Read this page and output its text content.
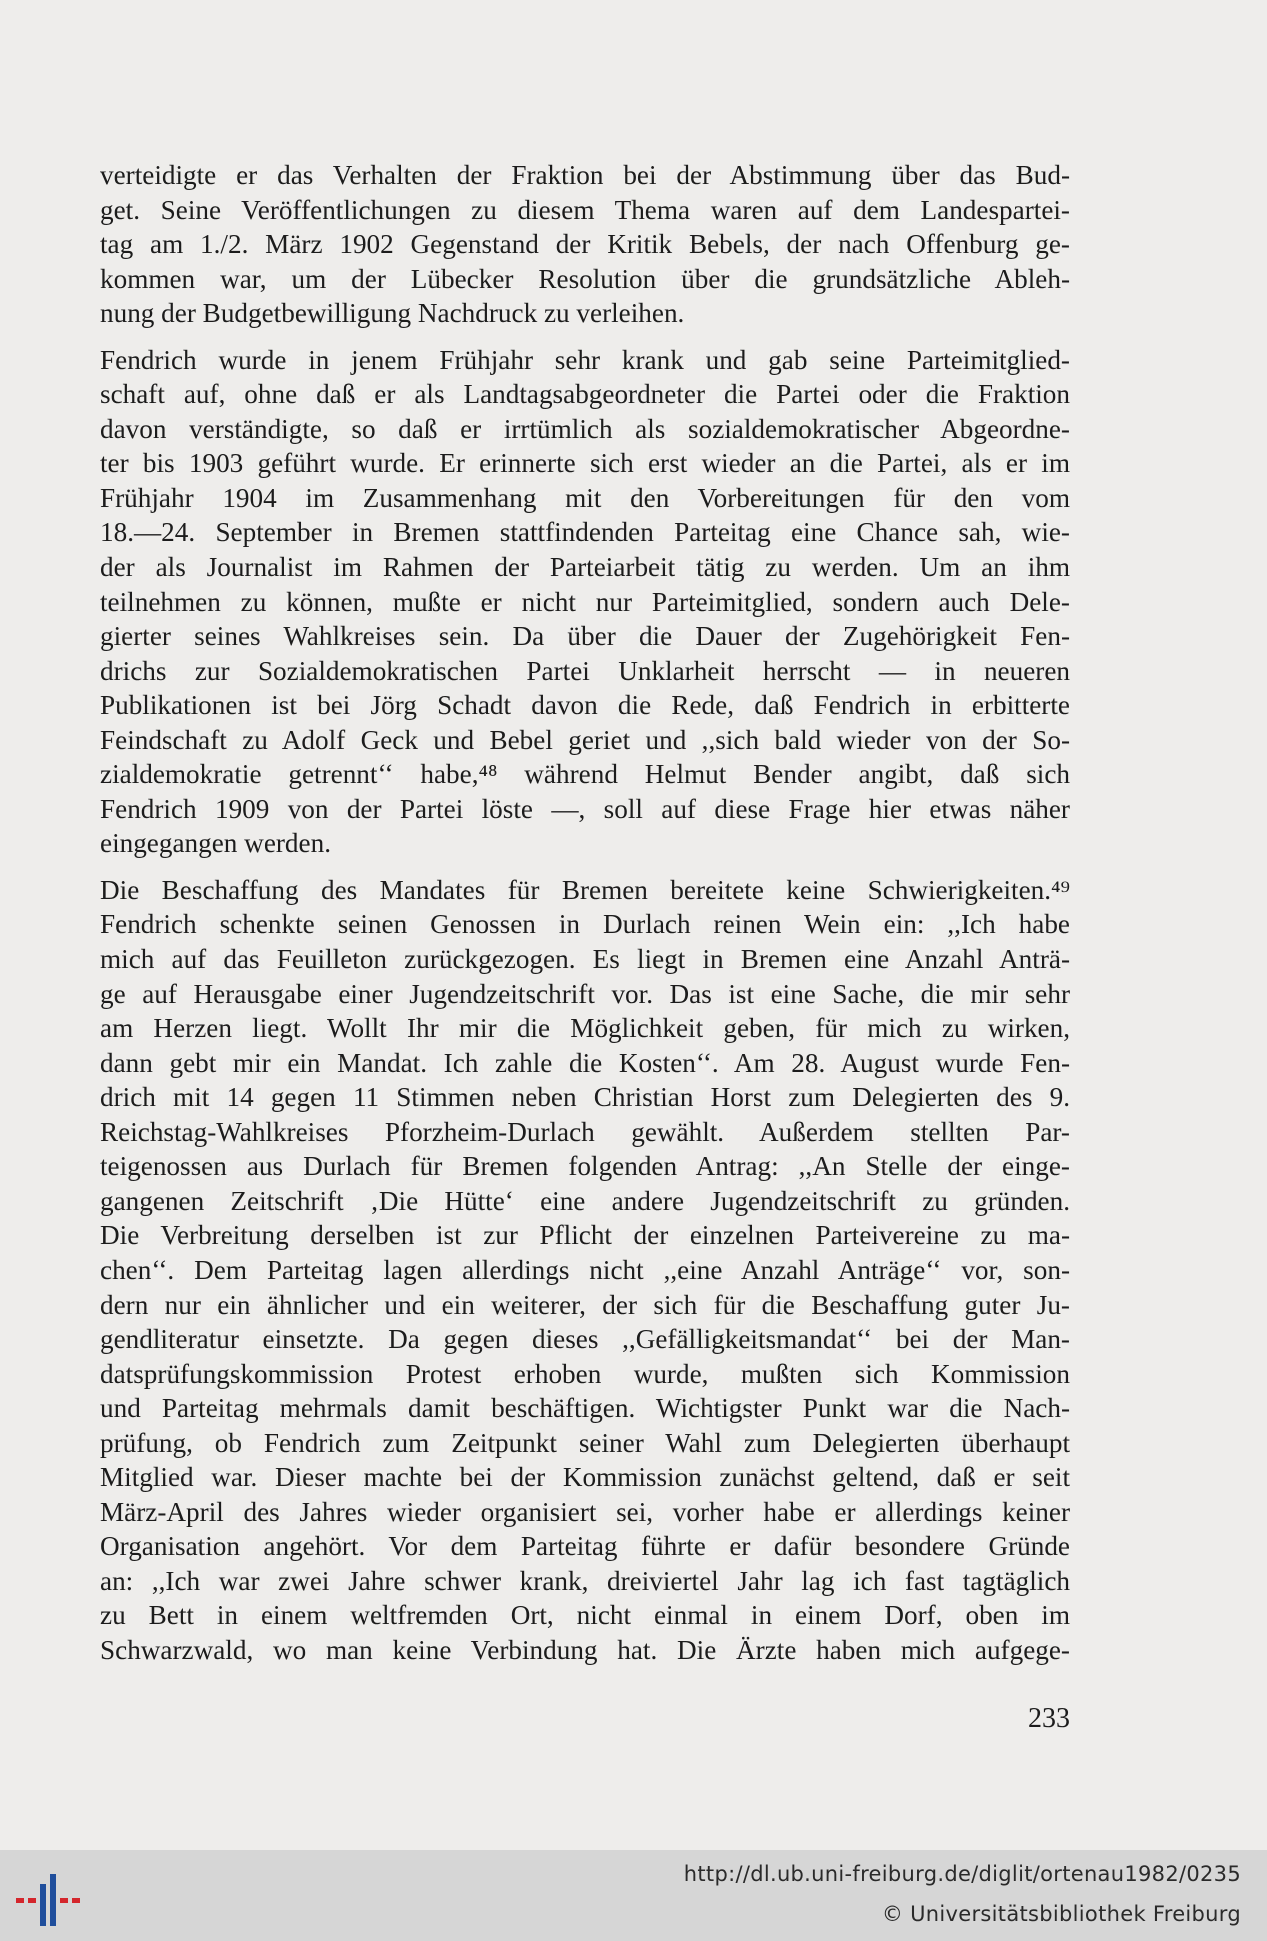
verteidigte er das Verhalten der Fraktion bei der Abstimmung über das Bud-
get. Seine Veröffentlichungen zu diesem Thema waren auf dem Landespartei-
tag am 1./2. März 1902 Gegenstand der Kritik Bebels, der nach Offenburg ge-
kommen war, um der Lübecker Resolution über die grundsätzliche Ableh-
nung der Budgetbewilligung Nachdruck zu verleihen.
Fendrich wurde in jenem Frühjahr sehr krank und gab seine Parteimitglied-
schaft auf, ohne daß er als Landtagsabgeordneter die Partei oder die Fraktion
davon verständigte, so daß er irrtümlich als sozialdemokratischer Abgeordne-
ter bis 1903 geführt wurde. Er erinnerte sich erst wieder an die Partei, als er im
Frühjahr 1904 im Zusammenhang mit den Vorbereitungen für den vom
18.—24. September in Bremen stattfindenden Parteitag eine Chance sah, wie-
der als Journalist im Rahmen der Parteiarbeit tätig zu werden. Um an ihm
teilnehmen zu können, mußte er nicht nur Parteimitglied, sondern auch Dele-
gierter seines Wahlkreises sein. Da über die Dauer der Zugehörigkeit Fen-
drichs zur Sozialdemokratischen Partei Unklarheit herrscht — in neueren
Publikationen ist bei Jörg Schadt davon die Rede, daß Fendrich in erbitterte
Feindschaft zu Adolf Geck und Bebel geriet und ,,sich bald wieder von der So-
zialdemokratie getrennt‘‘ habe,⁴⁸ während Helmut Bender angibt, daß sich
Fendrich 1909 von der Partei löste —, soll auf diese Frage hier etwas näher
eingegangen werden.
Die Beschaffung des Mandates für Bremen bereitete keine Schwierigkeiten.⁴⁹
Fendrich schenkte seinen Genossen in Durlach reinen Wein ein: ,,Ich habe
mich auf das Feuilleton zurückgezogen. Es liegt in Bremen eine Anzahl Anträ-
ge auf Herausgabe einer Jugendzeitschrift vor. Das ist eine Sache, die mir sehr
am Herzen liegt. Wollt Ihr mir die Möglichkeit geben, für mich zu wirken,
dann gebt mir ein Mandat. Ich zahle die Kosten‘‘. Am 28. August wurde Fen-
drich mit 14 gegen 11 Stimmen neben Christian Horst zum Delegierten des 9.
Reichstag-Wahlkreises Pforzheim-Durlach gewählt. Außerdem stellten Par-
teigenossen aus Durlach für Bremen folgenden Antrag: ,,An Stelle der einge-
gangenen Zeitschrift ‚Die Hütte‘ eine andere Jugendzeitschrift zu gründen.
Die Verbreitung derselben ist zur Pflicht der einzelnen Parteivereine zu ma-
chen‘‘. Dem Parteitag lagen allerdings nicht ,,eine Anzahl Anträge‘‘ vor, son-
dern nur ein ähnlicher und ein weiterer, der sich für die Beschaffung guter Ju-
gendliteratur einsetzte. Da gegen dieses ,,Gefälligkeitsmandat‘‘ bei der Man-
datsprüfungskommission Protest erhoben wurde, mußten sich Kommission
und Parteitag mehrmals damit beschäftigen. Wichtigster Punkt war die Nach-
prüfung, ob Fendrich zum Zeitpunkt seiner Wahl zum Delegierten überhaupt
Mitglied war. Dieser machte bei der Kommission zunächst geltend, daß er seit
März-April des Jahres wieder organisiert sei, vorher habe er allerdings keiner
Organisation angehört. Vor dem Parteitag führte er dafür besondere Gründe
an: ,,Ich war zwei Jahre schwer krank, dreiviertel Jahr lag ich fast tagtäglich
zu Bett in einem weltfremden Ort, nicht einmal in einem Dorf, oben im
Schwarzwald, wo man keine Verbindung hat. Die Ärzte haben mich aufgege-
233
http://dl.ub.uni-freiburg.de/diglit/ortenau1982/0235
© Universitätsbibliothek Freiburg
